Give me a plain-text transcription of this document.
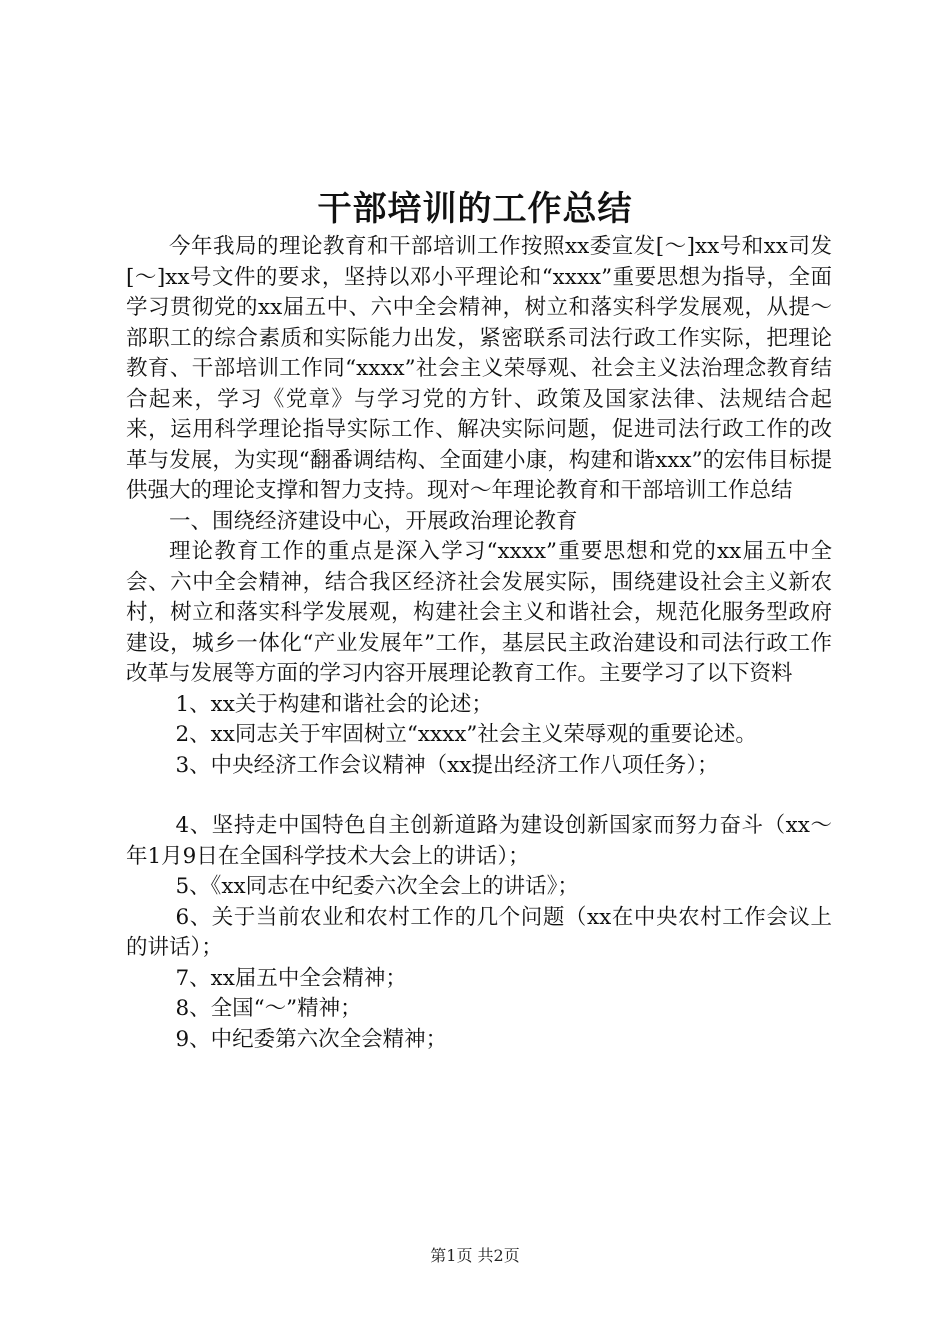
干部培训的工作总结

今年我局的理论教育和干部培训工作按照xx委宣发[～]xx号和xx司发[～]xx号文件的要求，坚持以邓小平理论和“xxxx”重要思想为指导，全面学习贯彻党的xx届五中、六中全会精神，树立和落实科学发展观，从提～部职工的综合素质和实际能力出发，紧密联系司法行政工作实际，把理论教育、干部培训工作同“xxxx”社会主义荣辱观、社会主义法治理念教育结合起来，学习《党章》与学习党的方针、政策及国家法律、法规结合起来，运用科学理论指导实际工作、解决实际问题，促进司法行政工作的改革与发展，为实现“翻番调结构、全面建小康，构建和谐xxx”的宏伟目标提供强大的理论支撑和智力支持。现对～年理论教育和干部培训工作总结

一、围绕经济建设中心，开展政治理论教育

理论教育工作的重点是深入学习“xxxx”重要思想和党的xx届五中全会、六中全会精神，结合我区经济社会发展实际，围绕建设社会主义新农村，树立和落实科学发展观，构建社会主义和谐社会，规范化服务型政府建设，城乡一体化“产业发展年”工作，基层民主政治建设和司法行政工作改革与发展等方面的学习内容开展理论教育工作。主要学习了以下资料

1、xx关于构建和谐社会的论述；

2、xx同志关于牢固树立“xxxx”社会主义荣辱观的重要论述。

3、中央经济工作会议精神（xx提出经济工作八项任务）；

4、坚持走中国特色自主创新道路为建设创新国家而努力奋斗（xx～年1月9日在全国科学技术大会上的讲话）；

5、《xx同志在中纪委六次全会上的讲话》；

6、关于当前农业和农村工作的几个问题（xx在中央农村工作会议上的讲话）；

7、xx届五中全会精神；

8、全国“～”精神；

9、中纪委第六次全会精神；

第1页 共2页
